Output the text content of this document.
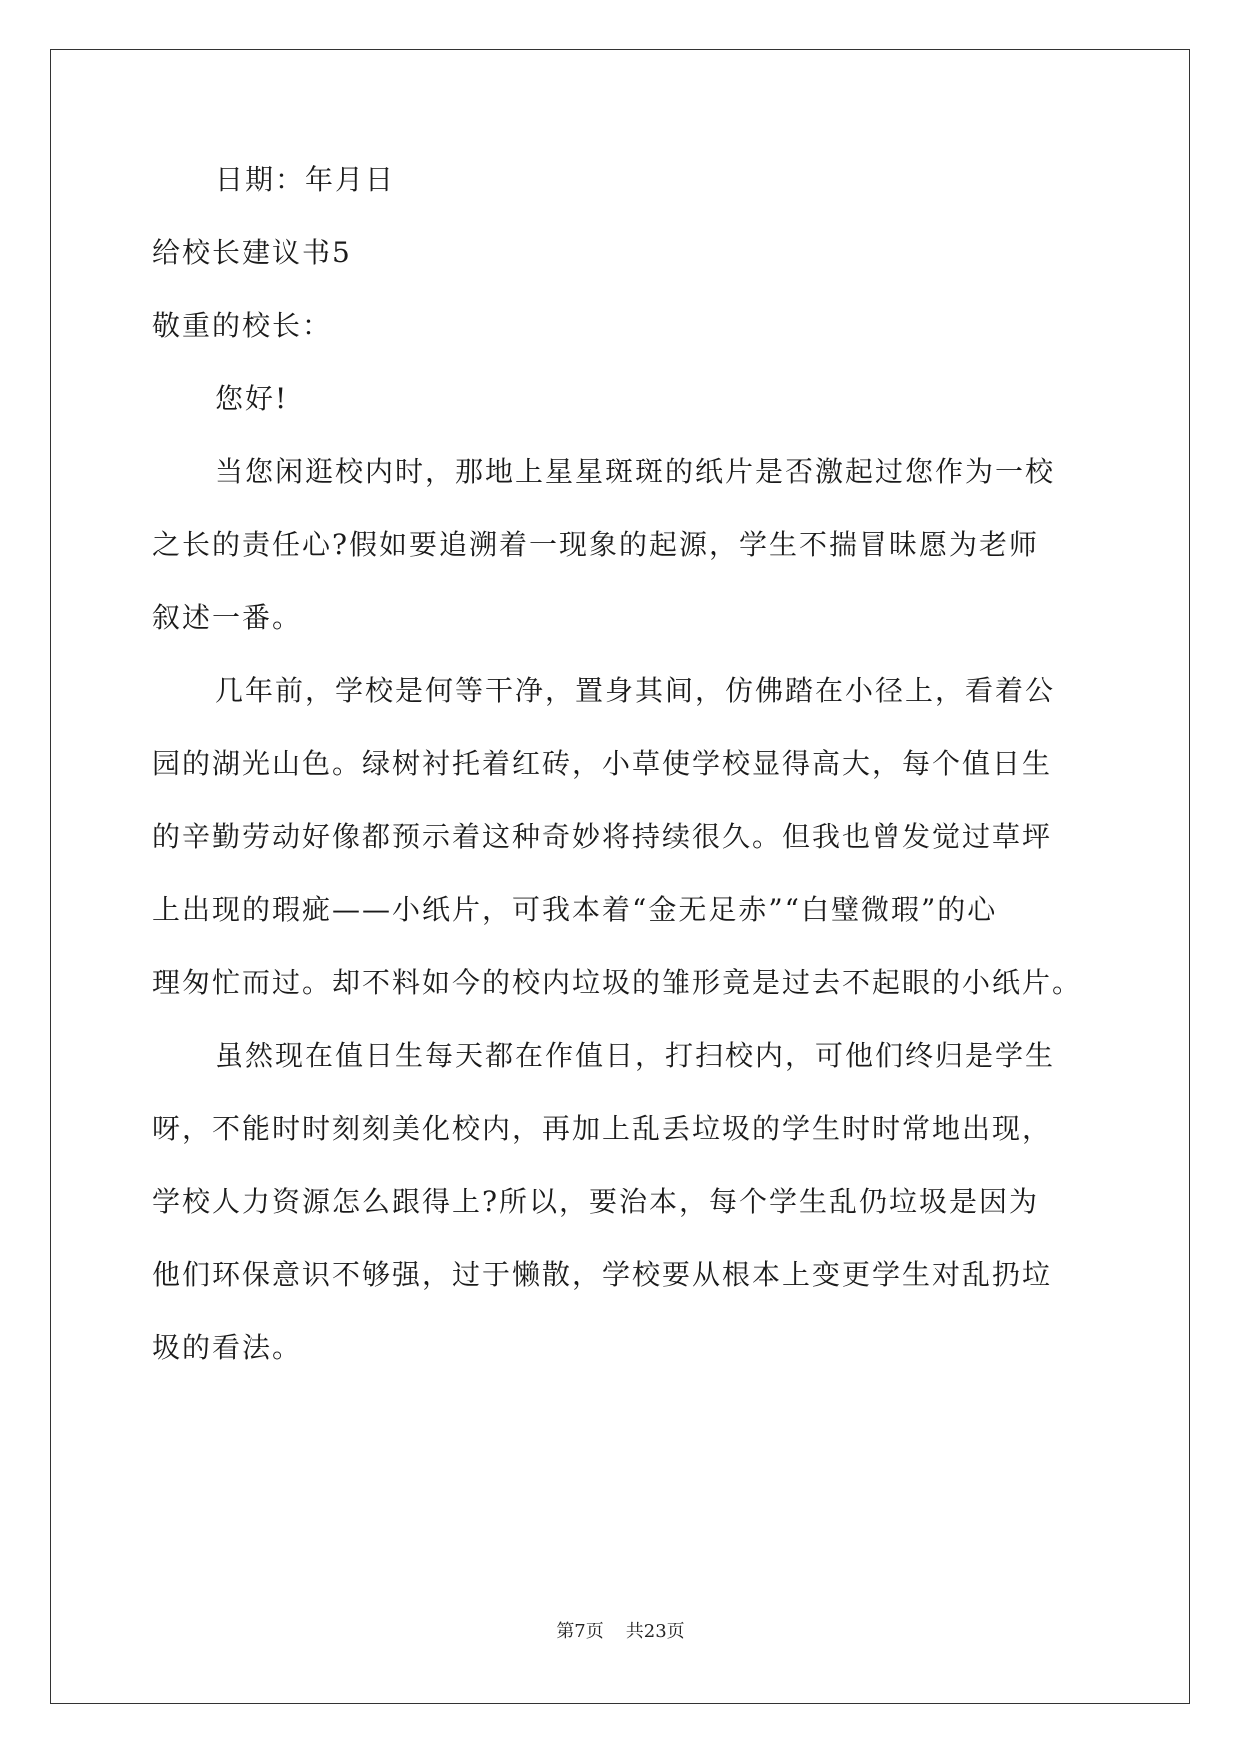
日期：年月日
给校长建议书5
敬重的校长：
您好!
当您闲逛校内时，那地上星星斑斑的纸片是否激起过您作为一校
之长的责任心?假如要追溯着一现象的起源，学生不揣冒昧愿为老师
叙述一番。
几年前，学校是何等干净，置身其间，仿佛踏在小径上，看着公
园的湖光山色。绿树衬托着红砖，小草使学校显得高大，每个值日生
的辛勤劳动好像都预示着这种奇妙将持续很久。但我也曾发觉过草坪
上出现的瑕疵——小纸片，可我本着“金无足赤”“白璧微瑕”的心
理匆忙而过。却不料如今的校内垃圾的雏形竟是过去不起眼的小纸片。
虽然现在值日生每天都在作值日，打扫校内，可他们终归是学生
呀，不能时时刻刻美化校内，再加上乱丢垃圾的学生时时常地出现，
学校人力资源怎么跟得上?所以，要治本，每个学生乱仍垃圾是因为
他们环保意识不够强，过于懒散，学校要从根本上变更学生对乱扔垃
圾的看法。
第7页 共23页
